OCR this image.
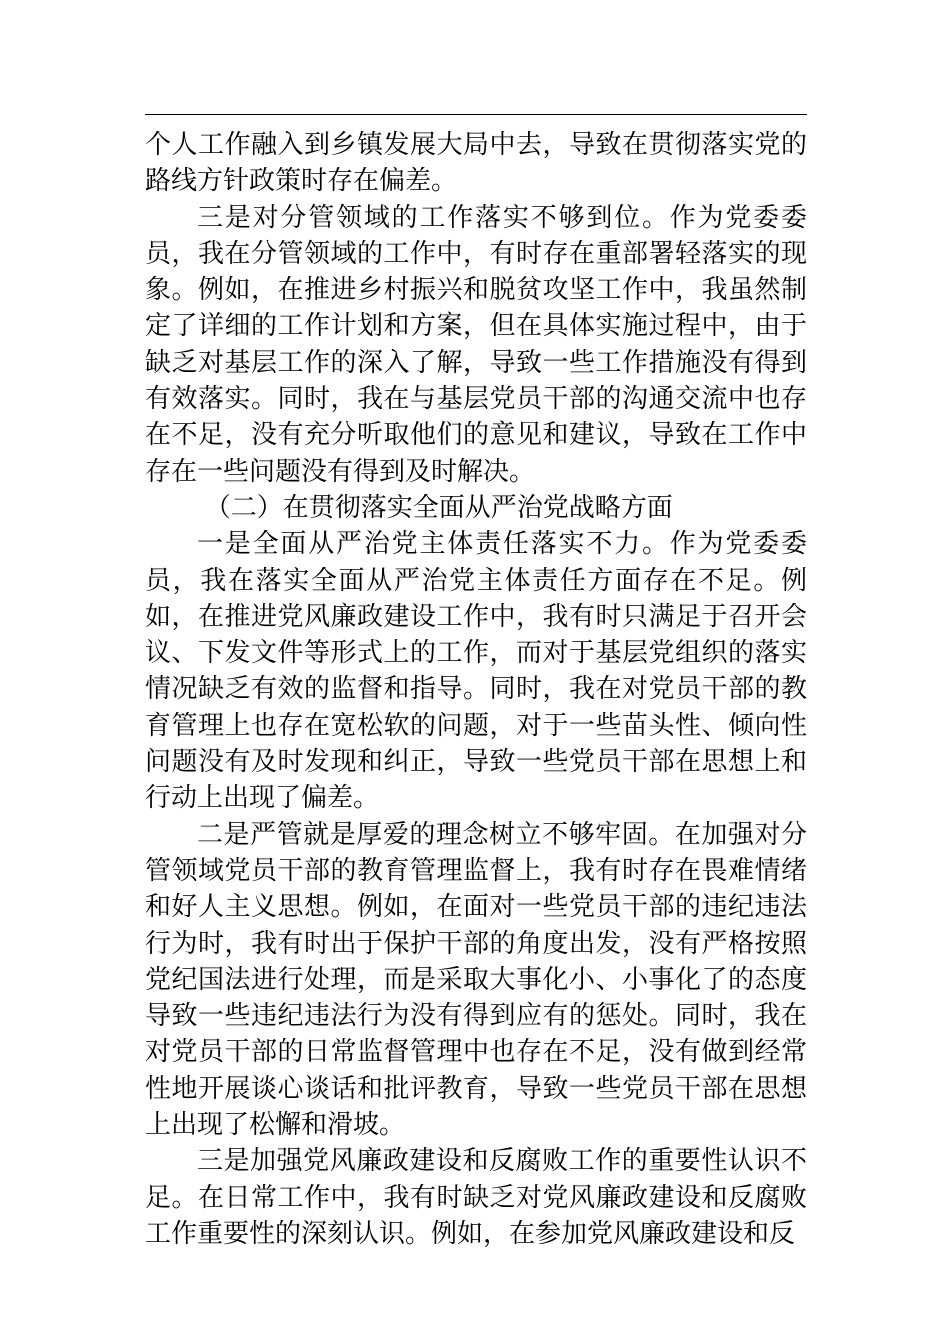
个人工作融入到乡镇发展大局中去，导致在贯彻落实党的路线方针政策时存在偏差。

三是对分管领域的工作落实不够到位。作为党委委员，我在分管领域的工作中，有时存在重部署轻落实的现象。例如，在推进乡村振兴和脱贫攻坚工作中，我虽然制定了详细的工作计划和方案，但在具体实施过程中，由于缺乏对基层工作的深入了解，导致一些工作措施没有得到有效落实。同时，我在与基层党员干部的沟通交流中也存在不足，没有充分听取他们的意见和建议，导致在工作中存在一些问题没有得到及时解决。

（二）在贯彻落实全面从严治党战略方面

一是全面从严治党主体责任落实不力。作为党委委员，我在落实全面从严治党主体责任方面存在不足。例如，在推进党风廉政建设工作中，我有时只满足于召开会议、下发文件等形式上的工作，而对于基层党组织的落实情况缺乏有效的监督和指导。同时，我在对党员干部的教育管理上也存在宽松软的问题，对于一些苗头性、倾向性问题没有及时发现和纠正，导致一些党员干部在思想上和行动上出现了偏差。

二是严管就是厚爱的理念树立不够牢固。在加强对分管领域党员干部的教育管理监督上，我有时存在畏难情绪和好人主义思想。例如，在面对一些党员干部的违纪违法行为时，我有时出于保护干部的角度出发，没有严格按照党纪国法进行处理，而是采取大事化小、小事化了的态度导致一些违纪违法行为没有得到应有的惩处。同时，我在对党员干部的日常监督管理中也存在不足，没有做到经常性地开展谈心谈话和批评教育，导致一些党员干部在思想上出现了松懈和滑坡。

三是加强党风廉政建设和反腐败工作的重要性认识不足。在日常工作中，我有时缺乏对党风廉政建设和反腐败工作重要性的深刻认识。例如，在参加党风廉政建设和反
